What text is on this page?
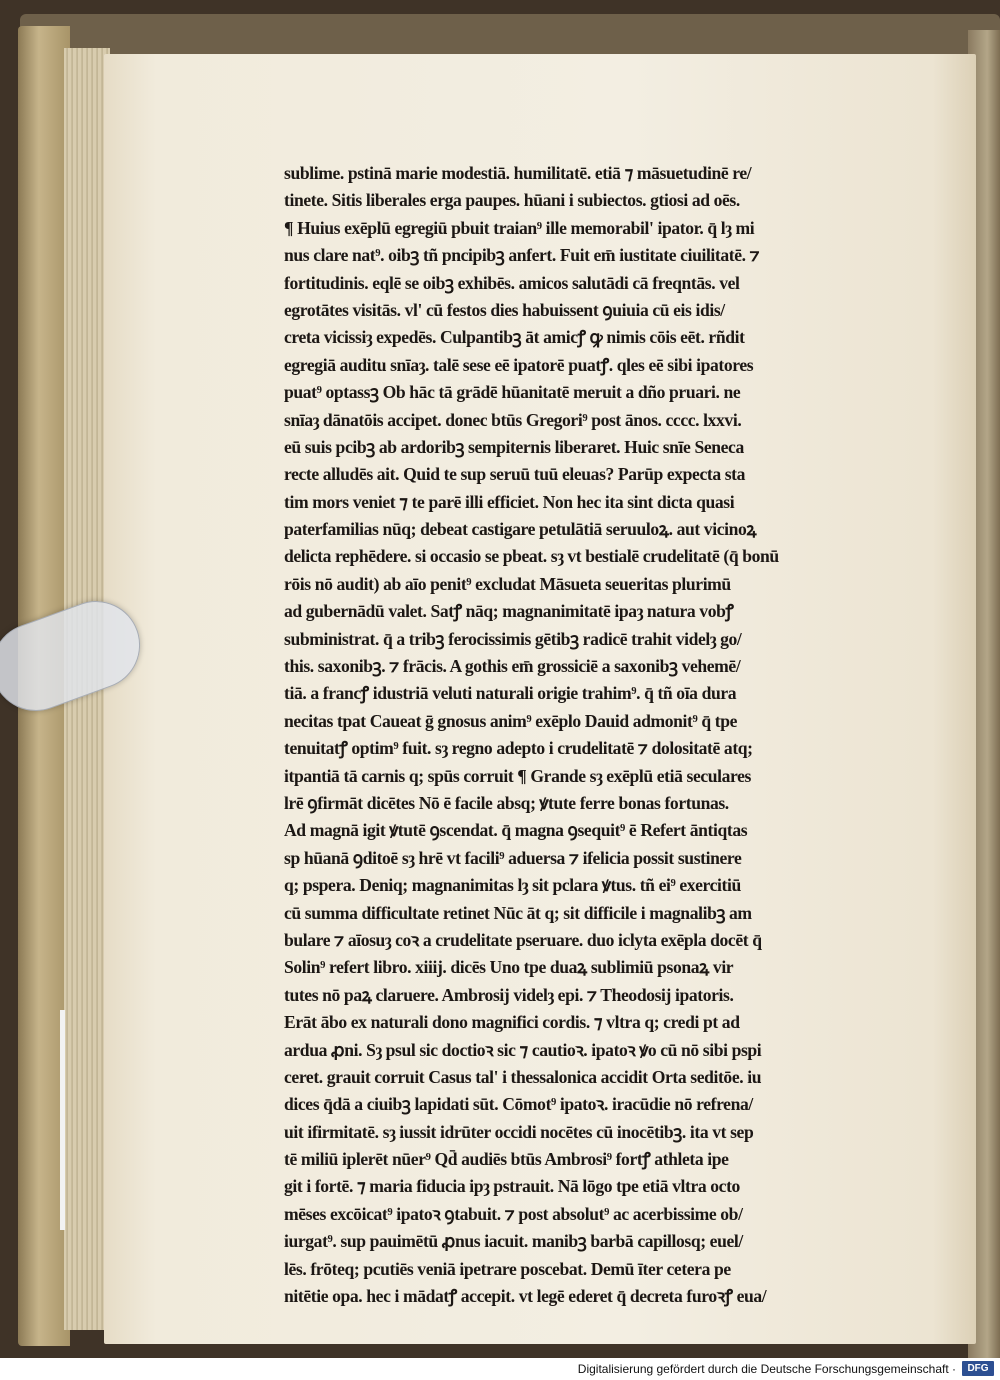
sublime. pstinā marie modestiā. humilitatē. etiā ⁊ māsuetudinē re/
tinete. Sitis liberales erga paupes. hūani i subiectos. gtiosi ad oēs.
¶ Huius exēplū egregiū pbuit traian⁹ ille memorabil' ipator. q̄ lȝ mi
nus clare nat⁹. oibꝫ tñ pncipibꝫ anfert. Fuit em̄ iustitate ciuilitatē. ⁊
fortitudinis. eqlē se oibꝫ exhibēs. amicos salutādi cā freqntās. vel
egrotātes visitās. vl' cū festos dies habuissent ꝯuiuia cū eis idis/
creta vicissiȝ expedēs. Culpantibꝫ āt amicꝭ ꝙ nimis cōis eēt. rñdit
egregiā auditu snīaȝ. talē sese eē ipatorē puatꝭ. qles eē sibi ipatores
puat⁹ optassꝫ Ob hāc tā grādē hūanitatē meruit a dño pruari. ne
snīaȝ dānatōis accipet. donec btūs Gregori⁹ post ānos. cccc. lxxvi.
eū suis pcibꝫ ab ardoribꝫ sempiternis liberaret. Huic snīe Seneca
recte alludēs ait. Quid te sup seruū tuū eleuas? Parūp expecta sta
tim mors veniet ⁊ te parē illi efficiet. Non hec ita sint dicta quasi
paterfamilias nūq; debeat castigare petulātiā seruuloꝝ. aut vicinoꝝ
delicta rephēdere. si occasio se pbeat. sȝ vt bestialē crudelitatē (q̄ bonū
rōis nō audit) ab aīo penit⁹ excludat Māsueta seueritas plurimū
ad gubernādū valet. Satꝭ nāq; magnanimitatē ipaȝ natura vobꝭ
subministrat. q̄ a tribꝫ ferocissimis gētibꝫ radicē trahit videlȝ go/
this. saxonibꝫ. ⁊ frācis. A gothis em̄ grossiciē a saxonibꝫ vehemē/
tiā. a francꝭ idustriā veluti naturali origie trahim⁹. q̄ tñ oīa dura
necitas tpat Caueat ḡ gnosus anim⁹ exēplo Dauid admonit⁹ q̄ tpe
tenuitatꝭ optim⁹ fuit. sȝ regno adepto i crudelitatē ⁊ dolositatē atq;
itpantiā tā carnis q; spūs corruit ¶ Grande sȝ exēplū etiā seculares
lrē ꝯfirmāt dicētes Nō ē facile absq; ꝟtute ferre bonas fortunas.
Ad magnā igit ꝟtutē ꝯscendat. q̄ magna ꝯsequit⁹ ē Refert āntiqtas
sp hūanā ꝯditoē sȝ hrē vt facili⁹ aduersa ⁊ ifelicia possit sustinere
q; pspera. Deniq; magnanimitas lȝ sit pclara ꝟtus. tñ ei⁹ exercitiū
cū summa difficultate retinet Nūc āt q; sit difficile i magnalibꝫ am
bulare ⁊ aīosuȝ coꝛ a crudelitate pseruare. duo iclyta exēpla docēt q̄
Solin⁹ refert libro. xiiij. dicēs Uno tpe duaꝝ sublimiū psonaꝝ vir
tutes nō paꝝ claruere. Ambrosij videlȝ epi. ⁊ Theodosij ipatoris.
Erāt ābo ex naturali dono magnifici cordis. ⁊ vltra q; credi pt ad
ardua ꝓni. Sȝ psul sic doctioꝛ sic ⁊ cautioꝛ. ipatoꝛ ꝟo cū nō sibi pspi
ceret. grauit corruit Casus tal' i thessalonica accidit Orta seditōe. iu
dices q̄dā a ciuibꝫ lapidati sūt. Cōmot⁹ ipatoꝛ. iracūdie nō refrena/
uit ifirmitatē. sȝ iussit idrūter occidi nocētes cū inocētibꝫ. ita vt sep
tē miliū iplerēt nūer⁹ Qd̄ audiēs btūs Ambrosi⁹ fortꝭ athleta ipe
git i fortē. ⁊ maria fiducia ipȝ pstrauit. Nā lōgo tpe etiā vltra octo
mēses excōicat⁹ ipatoꝛ ꝯtabuit. ⁊ post absolut⁹ ac acerbissime ob/
iurgat⁹. sup pauimētū ꝓnus iacuit. manibꝫ barbā capillosq; euel/
lēs. frōteq; pcutiēs veniā ipetrare poscebat. Demū īter cetera pe
nitētie opa. hec i mādatꝭ accepit. vt legē ederet q̄ decreta furoꝛꝭ eua/
Digitalisierung gefördert durch die Deutsche Forschungsgemeinschaft ·	DFG
